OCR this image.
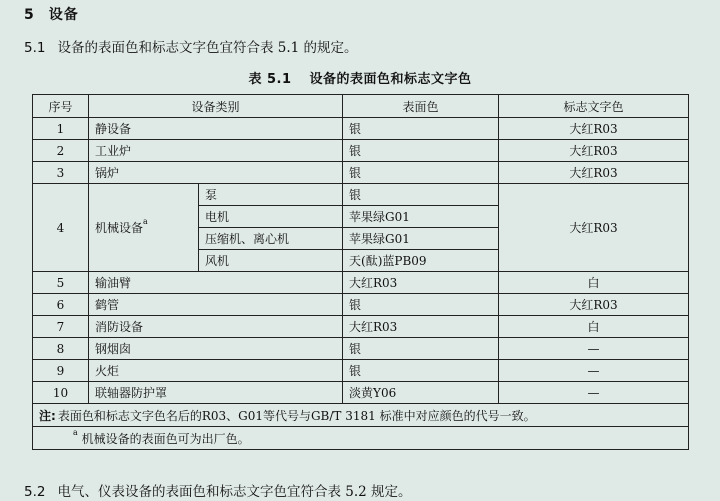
5 设备
5.1 设备的表面色和标志文字色宜符合表 5.1 的规定。
表 5.1 设备的表面色和标志文字色
序号	设备类别		表面色	标志文字色
1	静设备		银	大红R03
2	工业炉		银	大红R03
3	锅炉		银	大红R03
4	机械设备$^a$	泵	银	大红R03
		电机	苹果绿G01	
		压缩机、离心机	苹果绿G01	
		风机	天(酞)蓝PB09	
5	输油臂		大红R03	白
6	鹤管		银	大红R03
7	消防设备		大红R03	白
8	钢烟囱		银	—
9	火炬		银	—
10	联轴器防护罩		淡黄Y06	—
注: 表面色和标志文字色名后的R03、G01等代号与GB/T 3181 标准中对应颜色的代号一致。				
$^a$ 机械设备的表面色可为出厂色。				
5.2 电气、仪表设备的表面色和标志文字色宜符合表 5.2 规定。
